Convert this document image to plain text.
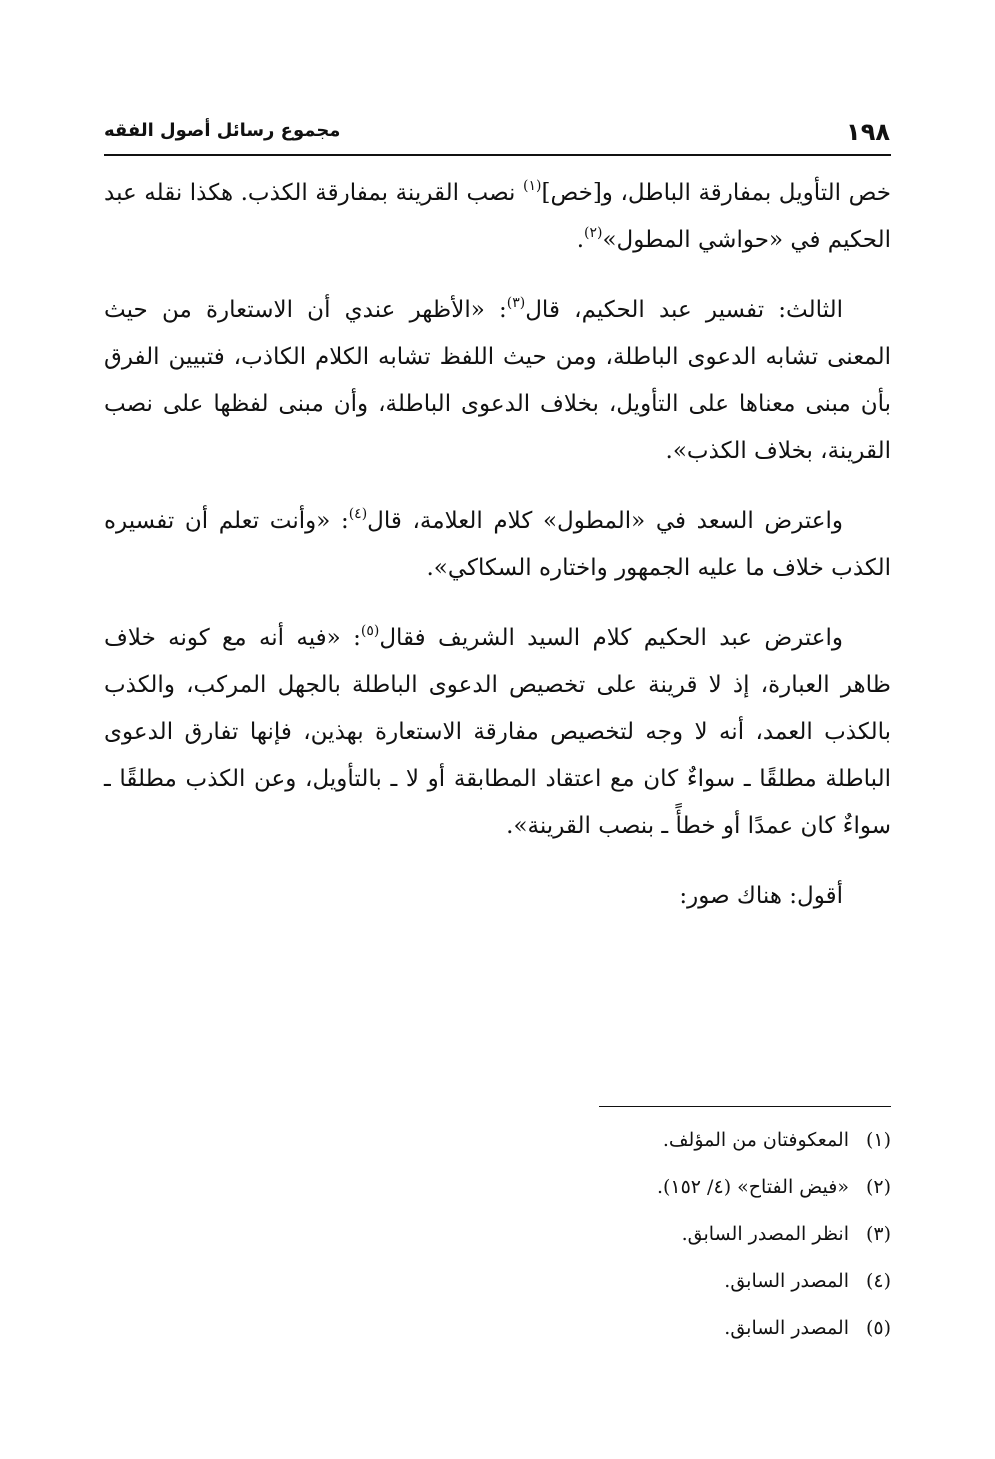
١٩٨
مجموع رسائل أصول الفقه

خص التأويل بمفارقة الباطل، و[خص]$^{(١)}$ نصب القرينة بمفارقة الكذب. هكذا نقله عبد الحكيم في «حواشي المطول»$^{(٢)}$.

الثالث: تفسير عبد الحكيم، قال$^{(٣)}$: «الأظهر عندي أن الاستعارة من حيث المعنى تشابه الدعوى الباطلة، ومن حيث اللفظ تشابه الكلام الكاذب، فتبيين الفرق بأن مبنى معناها على التأويل، بخلاف الدعوى الباطلة، وأن مبنى لفظها على نصب القرينة، بخلاف الكذب».

واعترض السعد في «المطول» كلام العلامة، قال$^{(٤)}$: «وأنت تعلم أن تفسيره الكذب خلاف ما عليه الجمهور واختاره السكاكي».

واعترض عبد الحكيم كلام السيد الشريف فقال$^{(٥)}$: «فيه أنه مع كونه خلاف ظاهر العبارة، إذ لا قرينة على تخصيص الدعوى الباطلة بالجهل المركب، والكذب بالكذب العمد، أنه لا وجه لتخصيص مفارقة الاستعارة بهذين، فإنها تفارق الدعوى الباطلة مطلقًا ـ سواءٌ كان مع اعتقاد المطابقة أو لا ـ بالتأويل، وعن الكذب مطلقًا ـ سواءٌ كان عمدًا أو خطأً ـ بنصب القرينة».

أقول: هناك صور:

(١)المعكوفتان من المؤلف.
(٢)«فيض الفتاح» (٤/ ١٥٢).
(٣)انظر المصدر السابق.
(٤)المصدر السابق.
(٥)المصدر السابق.
